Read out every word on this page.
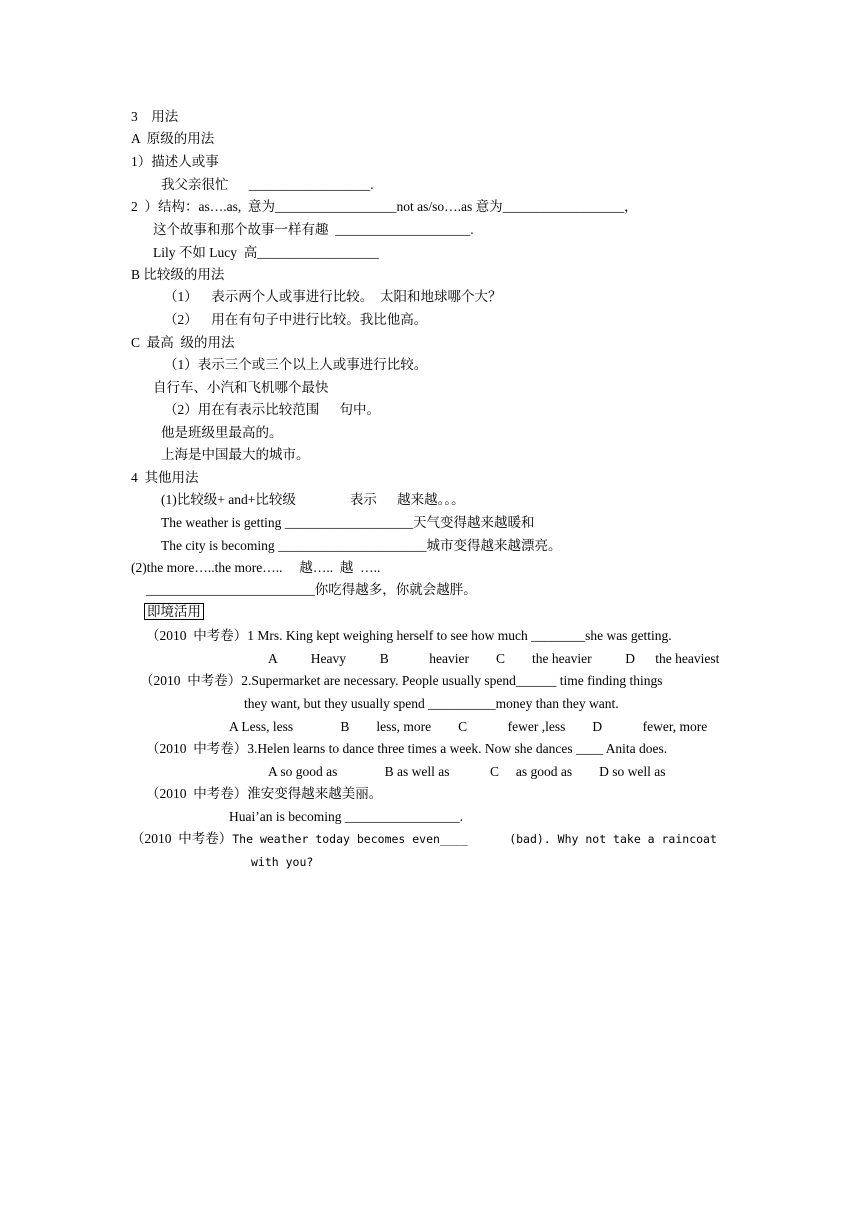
3    用法
A  原级的用法
1）描述人或事
我父亲很忙      __________________.
2  ）结构：as….as,  意为__________________not as/so….as 意为__________________，
这个故事和那个故事一样有趣  ____________________.
Lily 不如 Lucy  高__________________
B 比较级的用法
（1）    表示两个人或事进行比较。  太阳和地球哪个大？
（2）    用在有句子中进行比较。我比他高。
C  最高  级的用法
（1）表示三个或三个以上人或事进行比较。
自行车、小汽和飞机哪个最快
（2）用在有表示比较范围      句中。
他是班级里最高的。
上海是中国最大的城市。
4  其他用法
(1)比较级+ and+比较级                表示      越来越。。。
The weather is getting ___________________天气变得越来越暖和
The city is becoming ______________________城市变得越来越漂亮。
(2)the more…..the more…..     越…..  越  …..
_________________________你吃得越多，你就会越胖。
即境活用
（2010  中考卷）1 Mrs. King kept weighing herself to see how much ________she was getting.
A          Heavy          B            heavier        C        the heavier          D      the heaviest
（2010  中考卷）2.Supermarket are necessary. People usually spend______ time finding things
they want, but they usually spend __________money than they want.
A Less, less              B        less, more        C            fewer ,less        D            fewer, more
（2010  中考卷）3.Helen learns to dance three times a week. Now she dances ____ Anita does.
A so good as              B as well as            C     as good as        D so well as
（2010  中考卷）淮安变得越来越美丽。
Huai’an is becoming _________________.
（2010  中考卷）The weather today becomes even____      (bad). Why not take a raincoat
with you?
